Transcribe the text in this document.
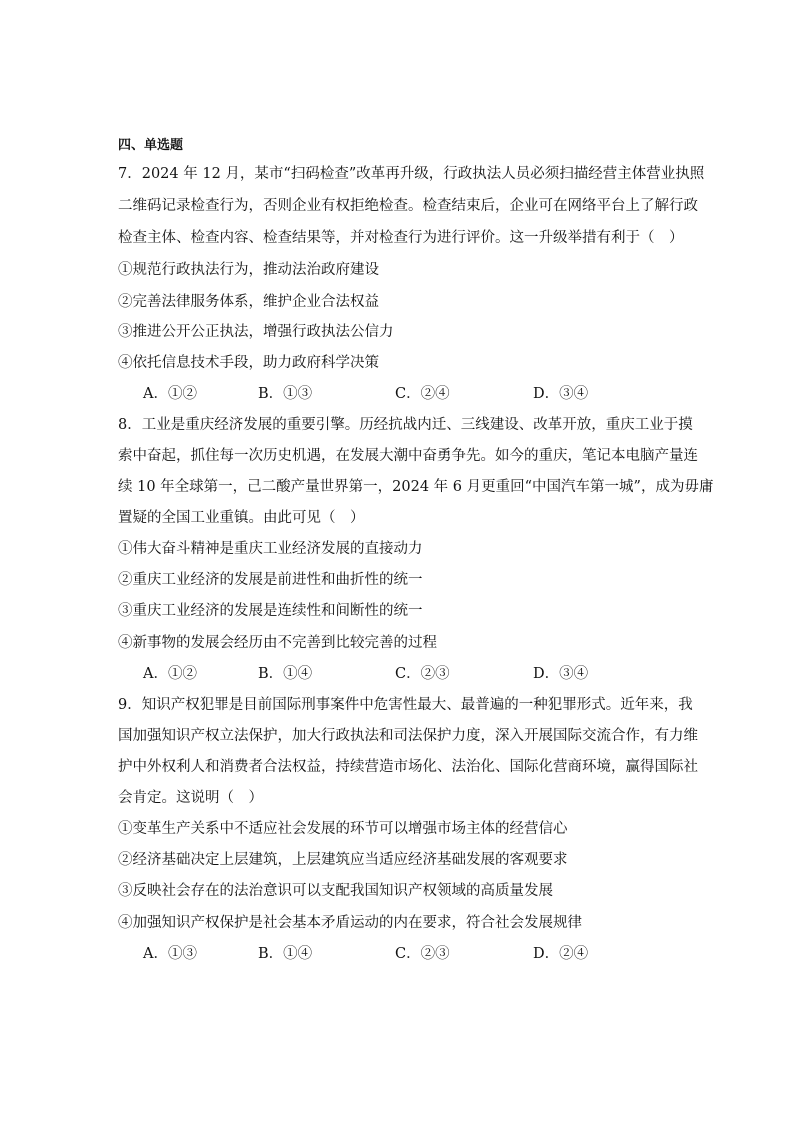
四、单选题
7．2024 年 12 月，某市“扫码检查”改革再升级，行政执法人员必须扫描经营主体营业执照
二维码记录检查行为，否则企业有权拒绝检查。检查结束后，企业可在网络平台上了解行政
检查主体、检查内容、检查结果等，并对检查行为进行评价。这一升级举措有利于（　）
①规范行政执法行为，推动法治政府建设
②完善法律服务体系，维护企业合法权益
③推进公开公正执法，增强行政执法公信力
④依托信息技术手段，助力政府科学决策
A．①②	B．①③	C．②④	D．③④
8．工业是重庆经济发展的重要引擎。历经抗战内迁、三线建设、改革开放，重庆工业于摸
索中奋起，抓住每一次历史机遇，在发展大潮中奋勇争先。如今的重庆，笔记本电脑产量连
续 10 年全球第一，己二酸产量世界第一，2024 年 6 月更重回“中国汽车第一城”，成为毋庸
置疑的全国工业重镇。由此可见（　）
①伟大奋斗精神是重庆工业经济发展的直接动力
②重庆工业经济的发展是前进性和曲折性的统一
③重庆工业经济的发展是连续性和间断性的统一
④新事物的发展会经历由不完善到比较完善的过程
A．①②	B．①④	C．②③	D．③④
9．知识产权犯罪是目前国际刑事案件中危害性最大、最普遍的一种犯罪形式。近年来，我
国加强知识产权立法保护，加大行政执法和司法保护力度，深入开展国际交流合作，有力维
护中外权利人和消费者合法权益，持续营造市场化、法治化、国际化营商环境，赢得国际社
会肯定。这说明（　）
①变革生产关系中不适应社会发展的环节可以增强市场主体的经营信心
②经济基础决定上层建筑，上层建筑应当适应经济基础发展的客观要求
③反映社会存在的法治意识可以支配我国知识产权领域的高质量发展
④加强知识产权保护是社会基本矛盾运动的内在要求，符合社会发展规律
A．①③	B．①④	C．②③	D．②④
